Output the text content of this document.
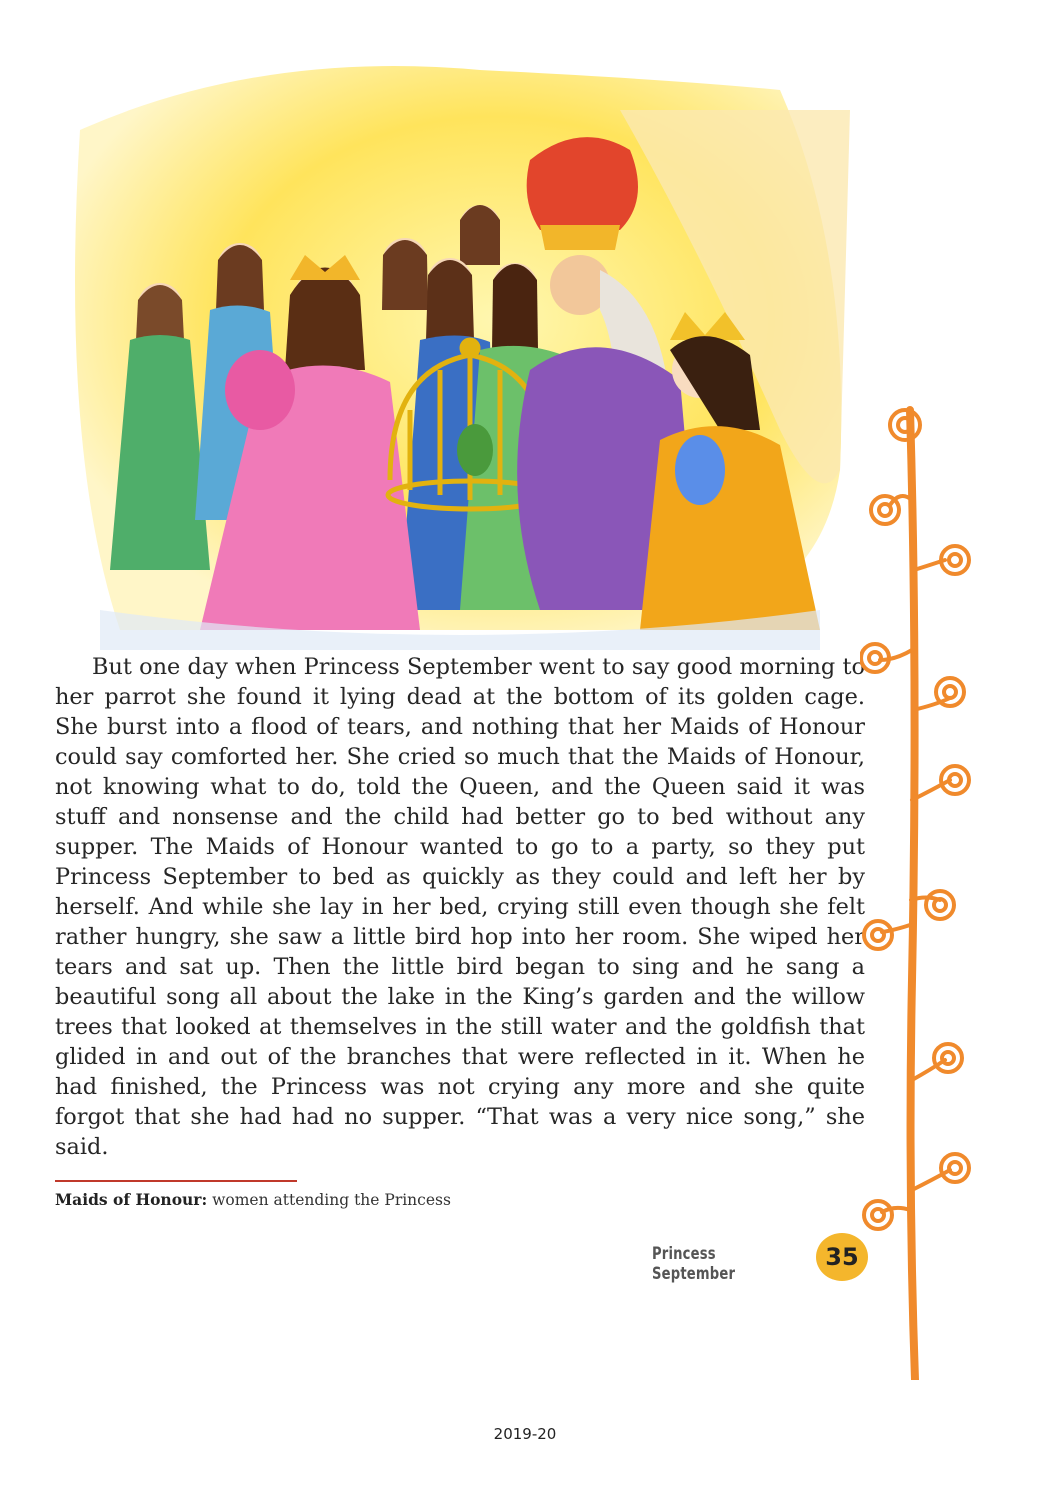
But one day when Princess September went to say good morning to her parrot she found it lying dead at the bottom of its golden cage. She burst into a flood of tears, and nothing that her Maids of Honour could say comforted her. She cried so much that the Maids of Honour, not knowing what to do, told the Queen, and the Queen said it was stuff and nonsense and the child had better go to bed without any supper. The Maids of Honour wanted to go to a party, so they put Princess September to bed as quickly as they could and left her by herself. And while she lay in her bed, crying still even though she felt rather hungry, she saw a little bird hop into her room. She wiped her tears and sat up. Then the little bird began to sing and he sang a beautiful song all about the lake in the King’s garden and the willow trees that looked at themselves in the still water and the goldfish that glided in and out of the branches that were reflected in it. When he had finished, the Princess was not crying any more and she quite forgot that she had had no supper. “That was a very nice song,” she said.

Maids of Honour: women attending the Princess
Princess September
35
2019-20
